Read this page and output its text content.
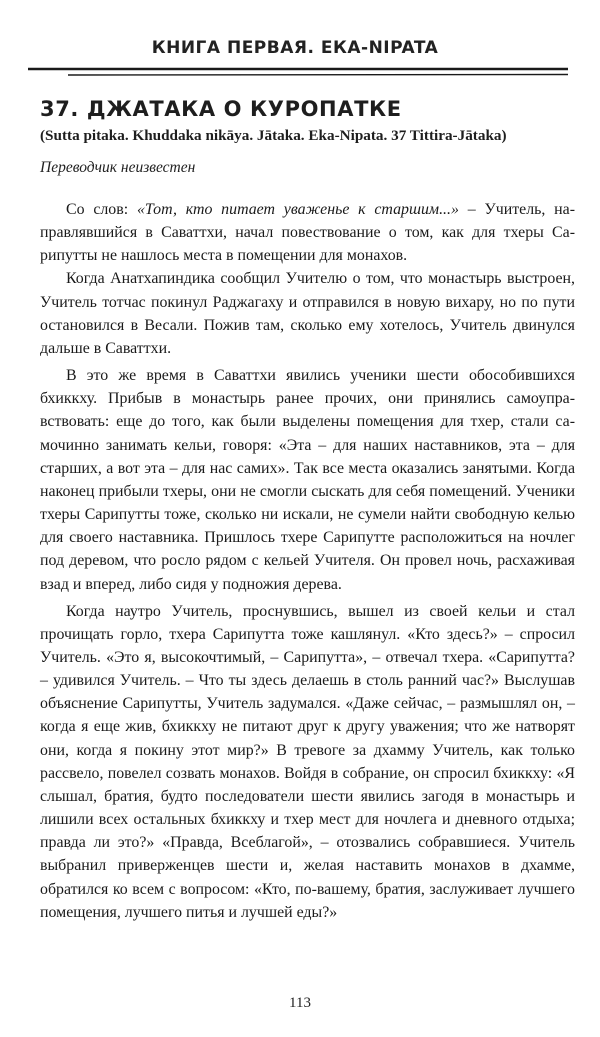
КНИГА ПЕРВАЯ. ЕКА-NIPATA
37. ДЖАТАКА О КУРОПАТКЕ
(Sutta pitaka. Khuddaka nikāya. Jātaka. Eka-Nipata. 37 Tittira-Jātaka)
Переводчик неизвестен

Со слов: «Тот, кто питает уваженье к старшим...» – Учитель, направлявшийся в Саваттхи, начал повествование о том, как для тхеры Сарипутты не нашлось места в помещении для монахов.

Когда Анатхапиндика сообщил Учителю о том, что монастырь выстроен, Учитель тотчас покинул Раджагаху и отправился в новую вихару, но по пути остановился в Весали. Пожив там, сколько ему хотелось, Учитель двинулся дальше в Саваттхи.

В это же время в Саваттхи явились ученики шести обособившихся бхиккху. Прибыв в монастырь ранее прочих, они принялись самоуправствовать: еще до того, как были выделены помещения для тхер, стали самочинно занимать кельи, говоря: «Эта – для наших наставников, эта – для старших, а вот эта – для нас самих». Так все места оказались занятыми. Когда наконец прибыли тхеры, они не смогли сыскать для себя помещений. Ученики тхеры Сарипутты тоже, сколько ни искали, не сумели найти свободную келью для своего наставника. Пришлось тхере Сарипутте расположиться на ночлег под деревом, что росло рядом с кельей Учителя. Он провел ночь, расхаживая взад и вперед, либо сидя у подножия дерева.

Когда наутро Учитель, проснувшись, вышел из своей кельи и стал прочищать горло, тхера Сарипутта тоже кашлянул. «Кто здесь?» – спросил Учитель. «Это я, высокочтимый, – Сарипутта», – отвечал тхера. «Сарипутта? – удивился Учитель. – Что ты здесь делаешь в столь ранний час?» Выслушав объяснение Сарипутты, Учитель задумался. «Даже сейчас, – размышлял он, – когда я еще жив, бхиккху не питают друг к другу уважения; что же натворят они, когда я покину этот мир?» В тревоге за дхамму Учитель, как только рассвело, повелел созвать монахов. Войдя в собрание, он спросил бхиккху: «Я слышал, братия, будто последователи шести явились загодя в монастырь и лишили всех остальных бхиккху и тхер мест для ночлега и дневного отдыха; правда ли это?» «Правда, Всеблагой», – отозвались собравшиеся. Учитель выбранил приверженцев шести и, желая наставить монахов в дхамме, обратился ко всем с вопросом: «Кто, по-вашему, братия, заслуживает лучшего помещения, лучшего питья и лучшей еды?»

113
